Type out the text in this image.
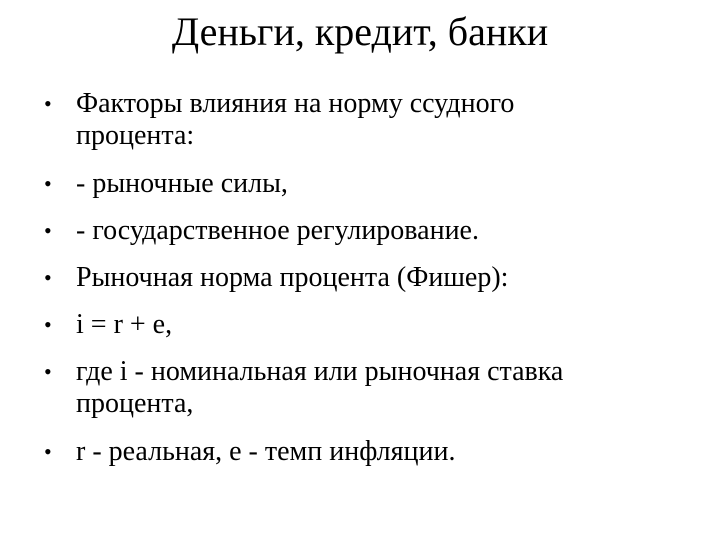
Деньги, кредит, банки
• Факторы влияния на норму ссудного
процента:
• - рыночные силы,
• - государственное регулирование.
• Рыночная норма процента (Фишер):
• i = r + e,
• где i - номинальная или рыночная ставка
процента,
• r - реальная, e - темп инфляции.
